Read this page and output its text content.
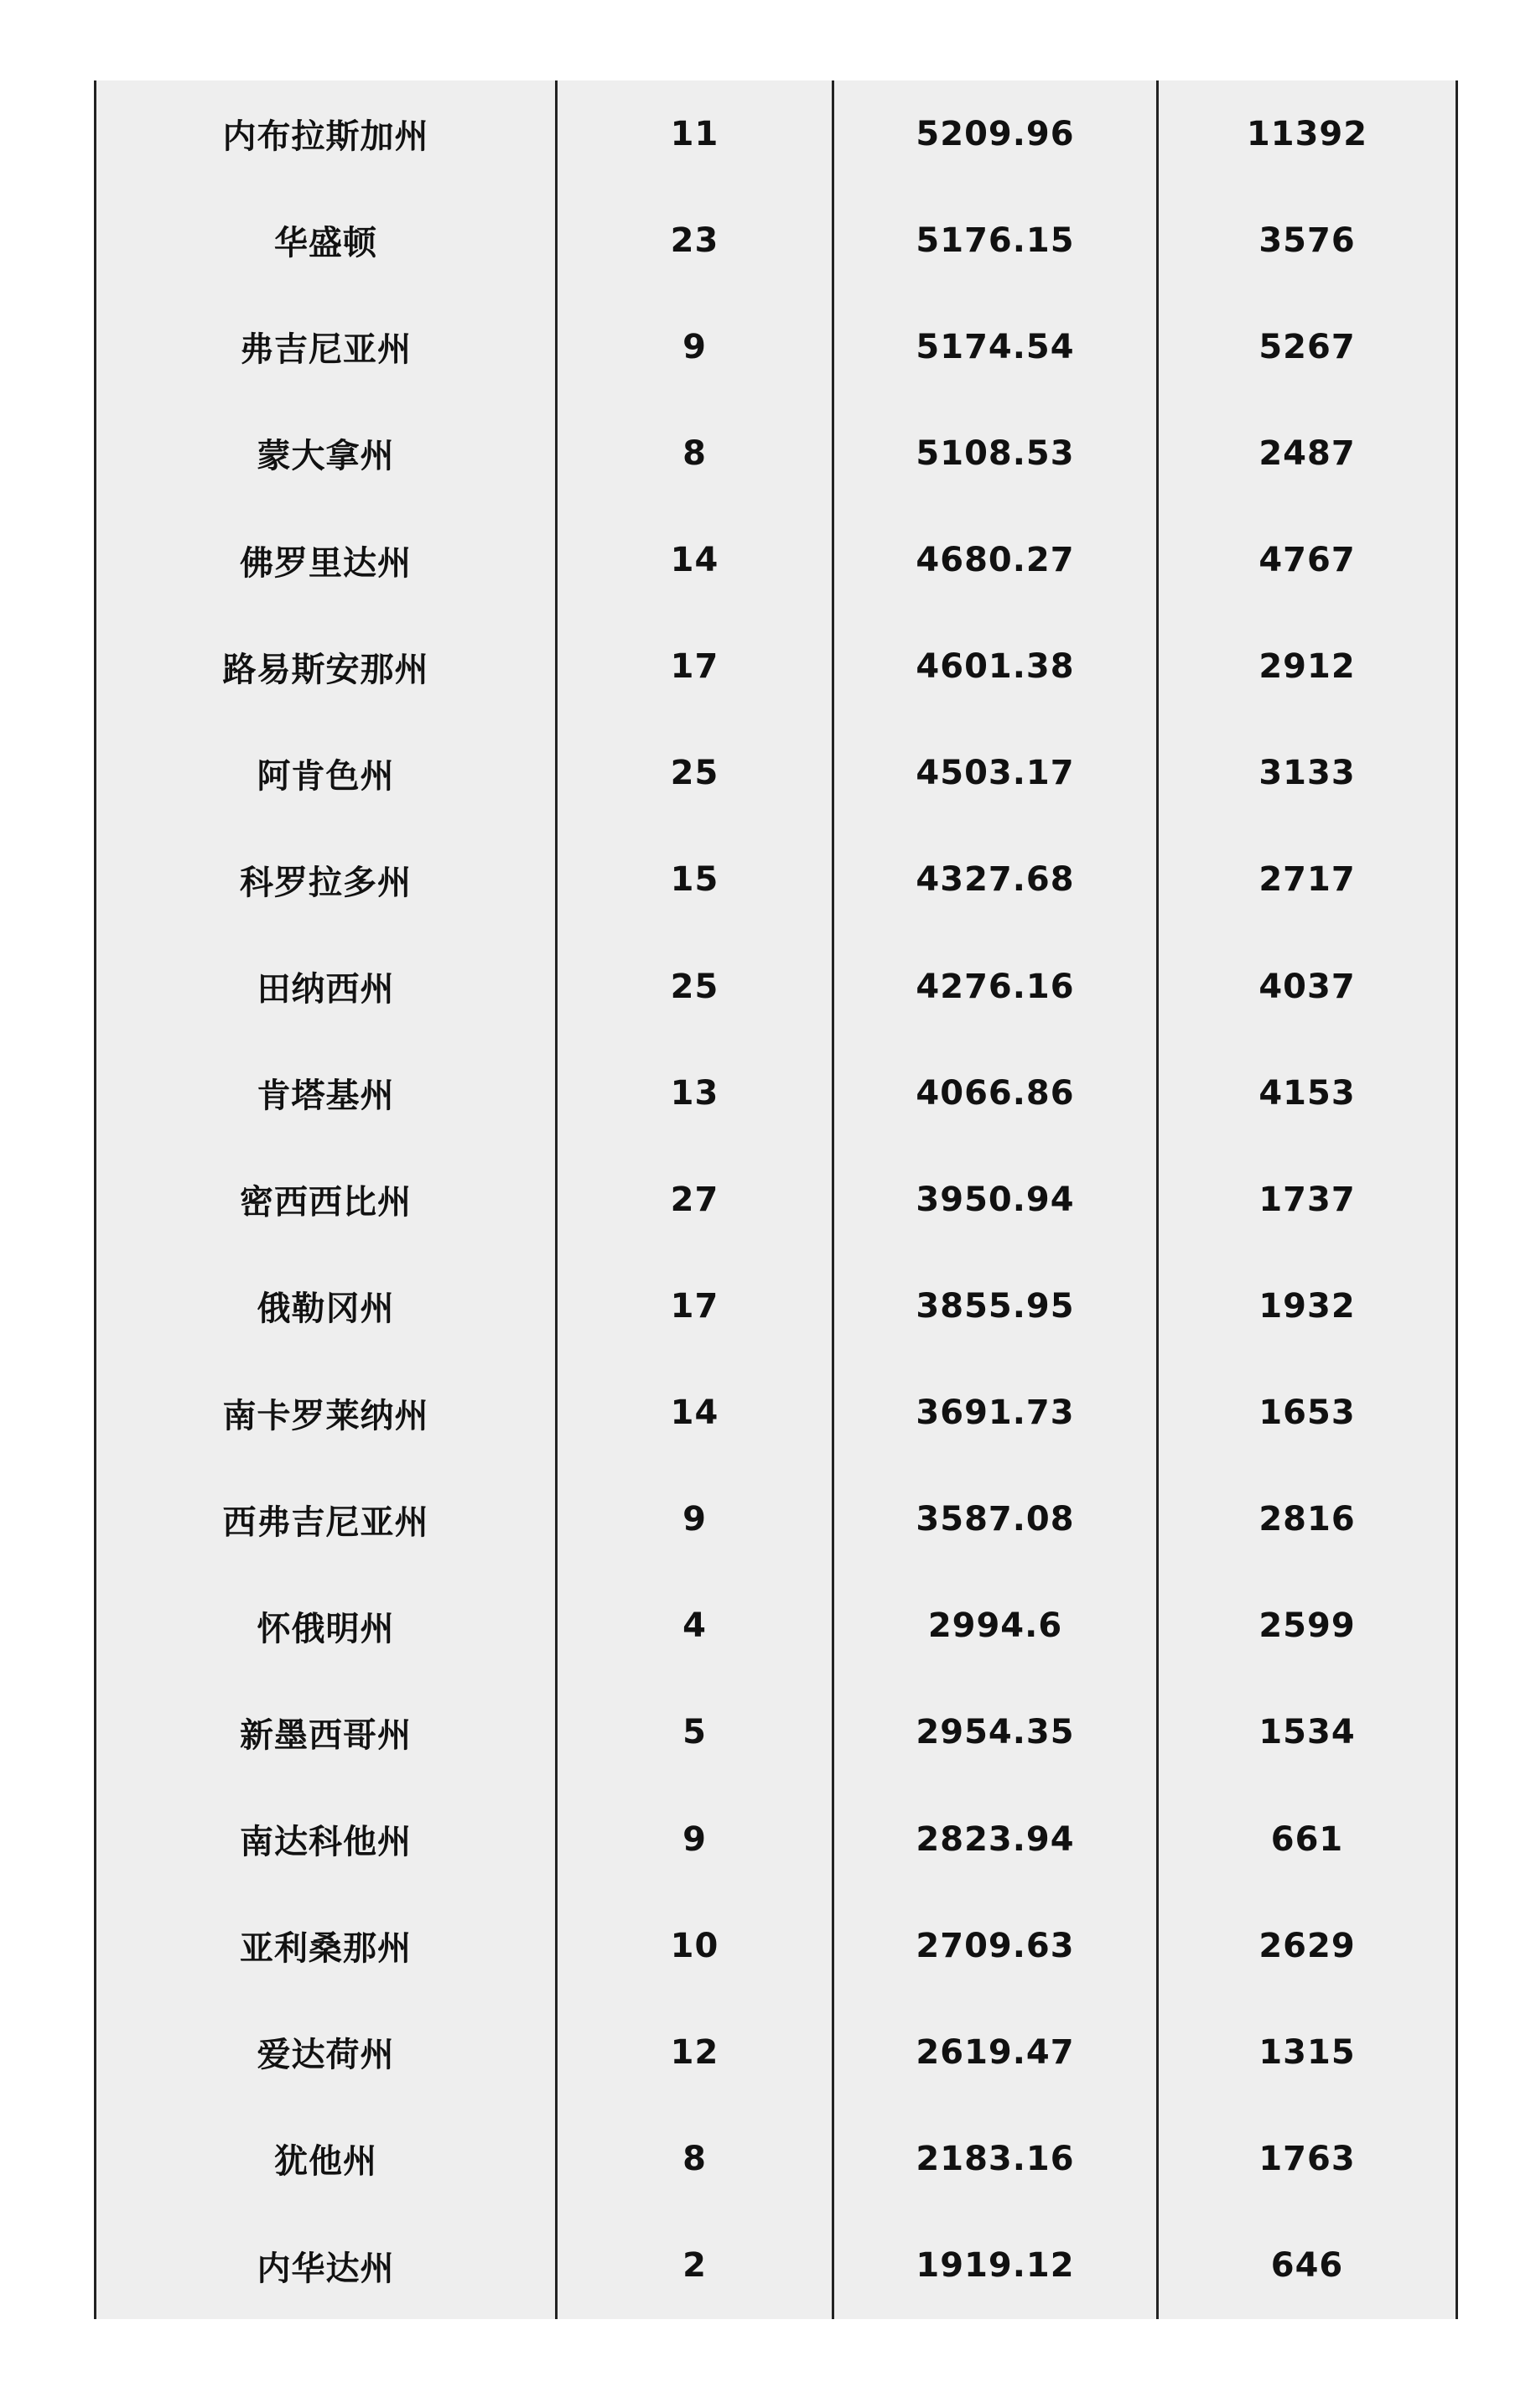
内布拉斯加州	11	5209.96	11392
华盛顿	23	5176.15	3576
弗吉尼亚州	9	5174.54	5267
蒙大拿州	8	5108.53	2487
佛罗里达州	14	4680.27	4767
路易斯安那州	17	4601.38	2912
阿肯色州	25	4503.17	3133
科罗拉多州	15	4327.68	2717
田纳西州	25	4276.16	4037
肯塔基州	13	4066.86	4153
密西西比州	27	3950.94	1737
俄勒冈州	17	3855.95	1932
南卡罗莱纳州	14	3691.73	1653
西弗吉尼亚州	9	3587.08	2816
怀俄明州	4	2994.6	2599
新墨西哥州	5	2954.35	1534
南达科他州	9	2823.94	661
亚利桑那州	10	2709.63	2629
爱达荷州	12	2619.47	1315
犹他州	8	2183.16	1763
内华达州	2	1919.12	646
